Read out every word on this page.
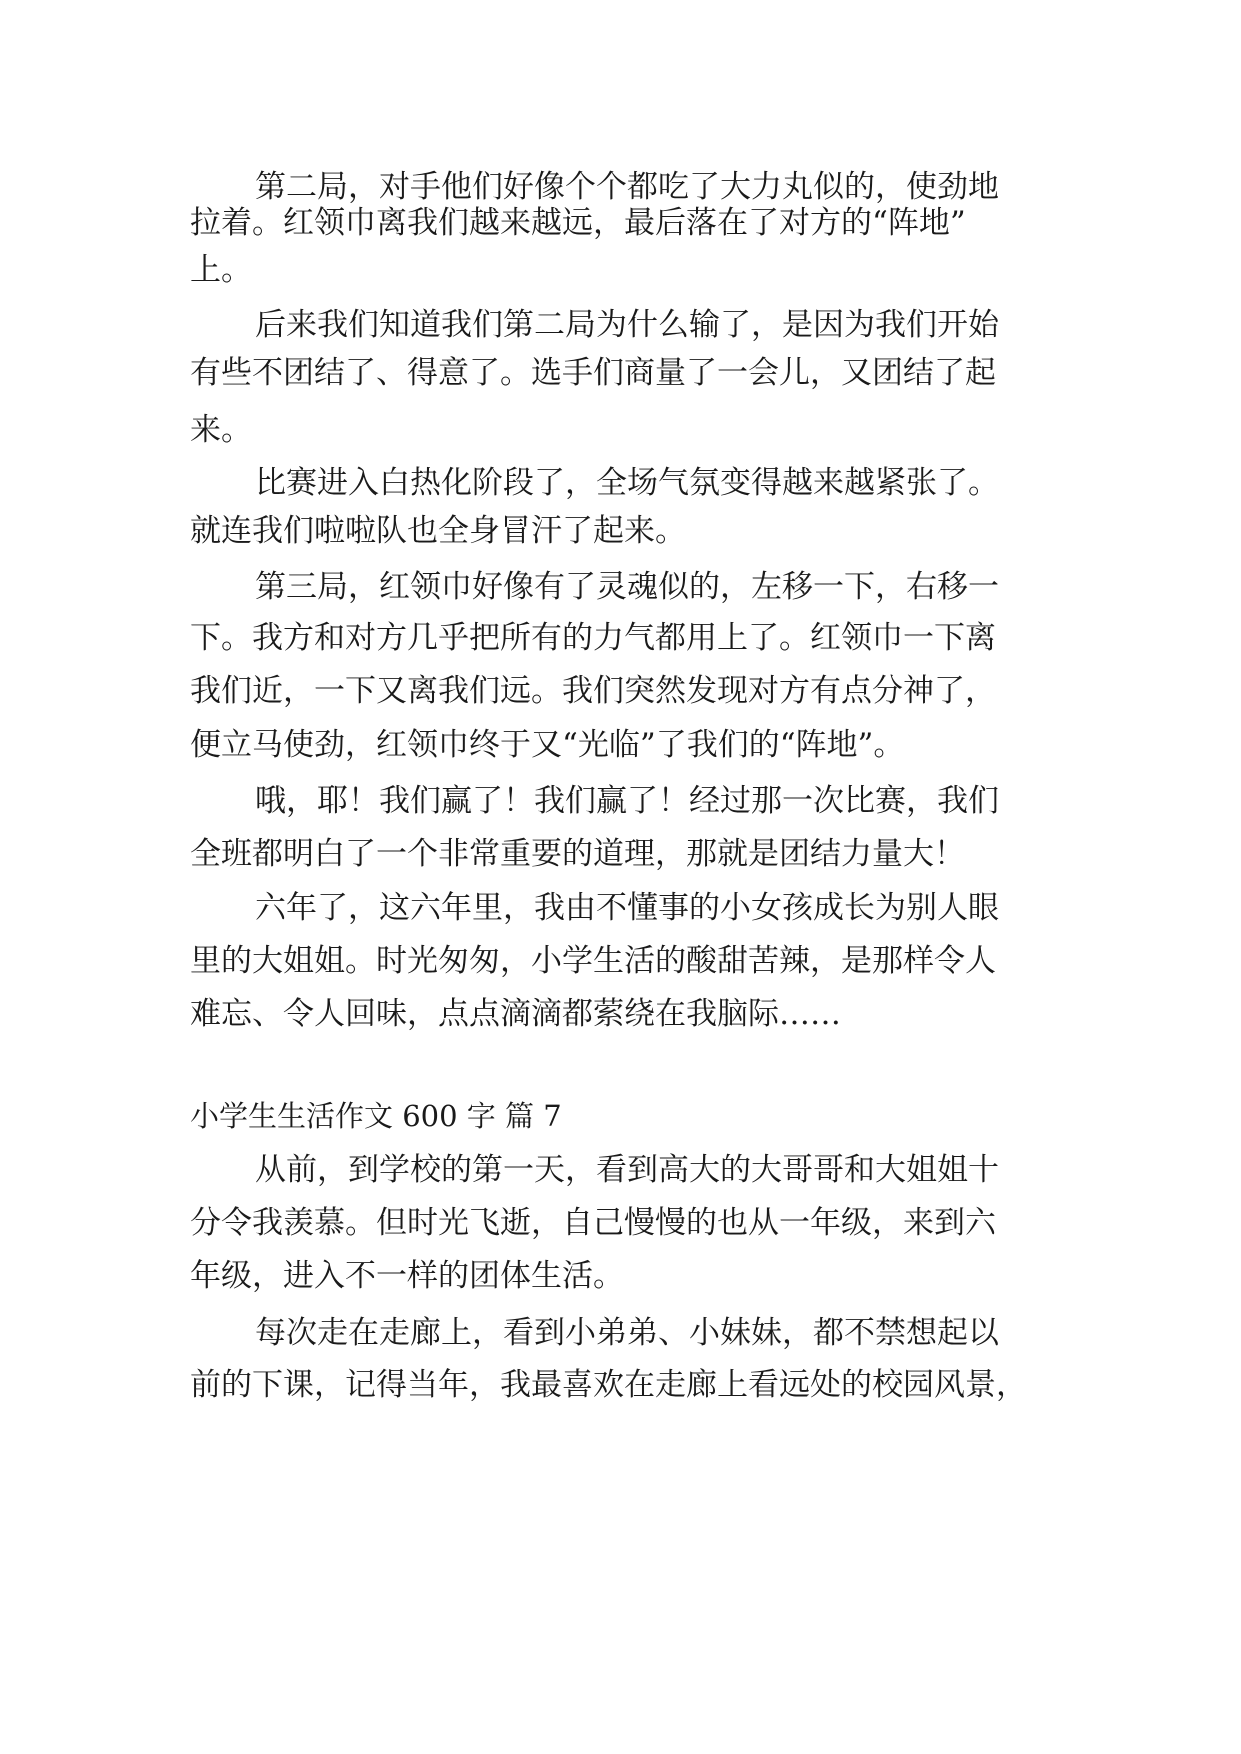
第二局，对手他们好像个个都吃了大力丸似的，使劲地
拉着。红领巾离我们越来越远，最后落在了对方的“阵地”
上。
后来我们知道我们第二局为什么输了，是因为我们开始
有些不团结了、得意了。选手们商量了一会儿，又团结了起
来。
比赛进入白热化阶段了，全场气氛变得越来越紧张了。
就连我们啦啦队也全身冒汗了起来。
第三局，红领巾好像有了灵魂似的，左移一下，右移一
下。我方和对方几乎把所有的力气都用上了。红领巾一下离
我们近，一下又离我们远。我们突然发现对方有点分神了，
便立马使劲，红领巾终于又“光临”了我们的“阵地”。
哦，耶！我们赢了！我们赢了！经过那一次比赛，我们
全班都明白了一个非常重要的道理，那就是团结力量大！
六年了，这六年里，我由不懂事的小女孩成长为别人眼
里的大姐姐。时光匆匆，小学生活的酸甜苦辣，是那样令人
难忘、令人回味，点点滴滴都萦绕在我脑际……
小学生生活作文 600 字 篇 7
从前，到学校的第一天，看到高大的大哥哥和大姐姐十
分令我羡慕。但时光飞逝，自己慢慢的也从一年级，来到六
年级，进入不一样的团体生活。
每次走在走廊上，看到小弟弟、小妹妹，都不禁想起以
前的下课，记得当年，我最喜欢在走廊上看远处的校园风景，
